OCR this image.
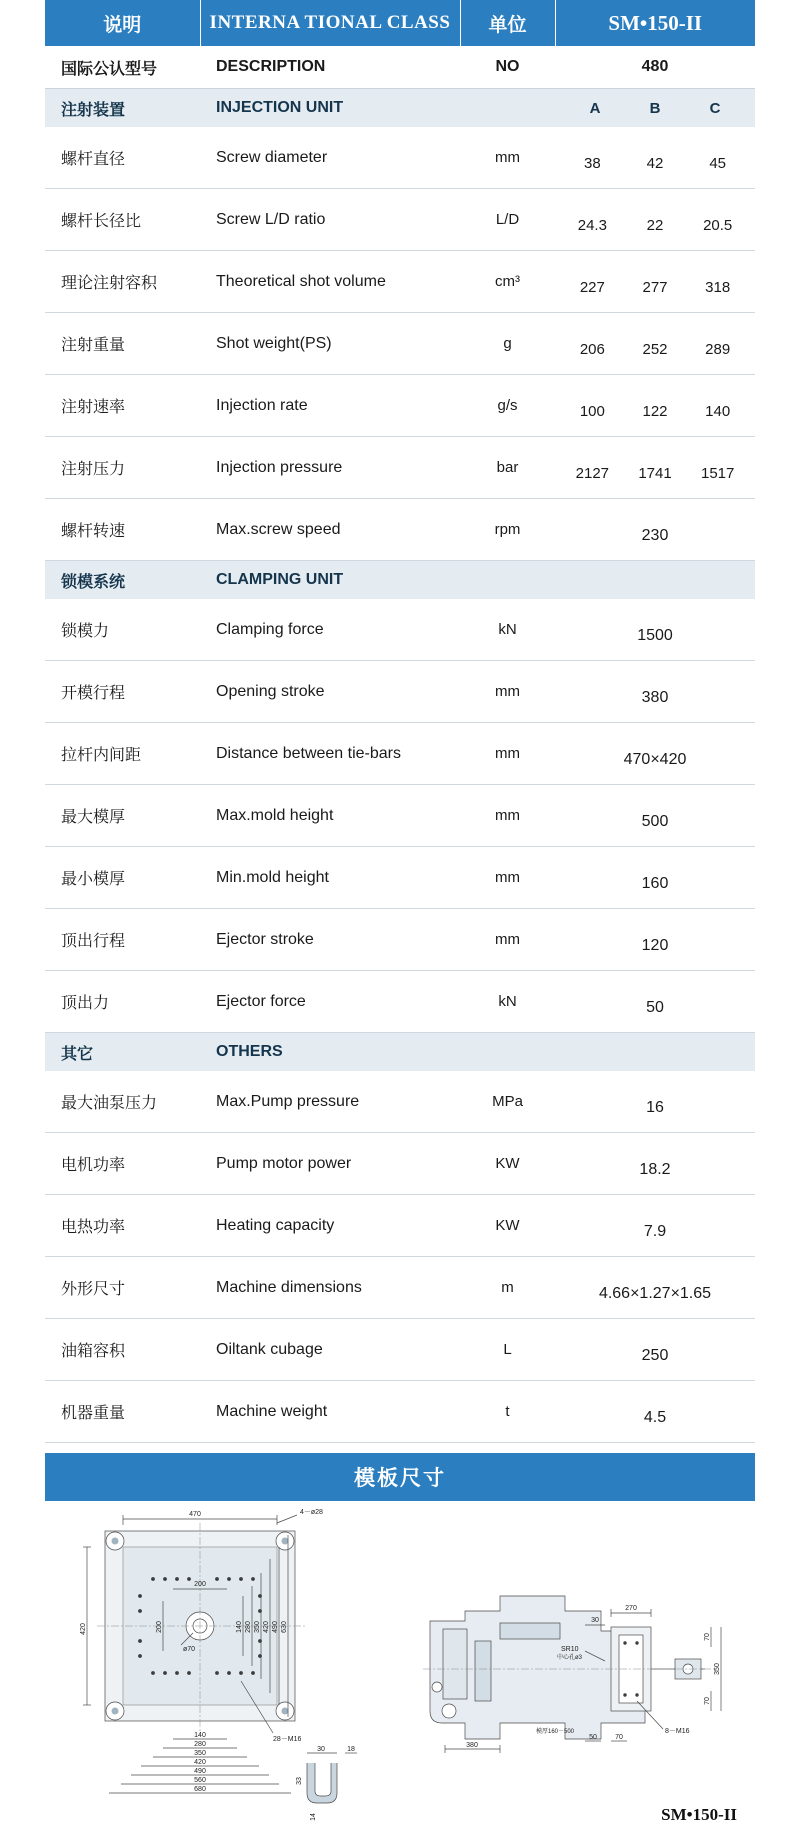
说明	INTERNA TIONAL CLASS	单位	SM•150-II
国际公认型号	DESCRIPTION	NO	480
注射装置	INJECTION UNIT		A B C

螺杆直径	Screw diameter	mm	38 42 45

螺杆长径比	Screw L/D ratio	L/D	24.3 22 20.5

理论注射容积	Theoretical shot volume	cm³	227 277 318

注射重量	Shot weight(PS)	g	206 252 289

注射速率	Injection rate	g/s	100 122 140

注射压力	Injection pressure	bar	2127 1741 1517

螺杆转速	Max.screw speed	rpm	230
锁模系统	CLAMPING UNIT		
锁模力	Clamping force	kN	1500
开模行程	Opening stroke	mm	380
拉杆内间距	Distance between tie-bars	mm	470×420
最大模厚	Max.mold height	mm	500
最小模厚	Min.mold height	mm	160
顶出行程	Ejector stroke	mm	120
顶出力	Ejector force	kN	50
其它	OTHERS		
最大油泵压力	Max.Pump pressure	MPa	16
电机功率	Pump motor power	KW	18.2
电热功率	Heating capacity	KW	7.9
外形尺寸	Machine dimensions	m	4.66×1.27×1.65
油箱容积	Oiltank cubage	L	250
机器重量	Machine weight	t	4.5
模板尺寸
470	4－ø28
420
200
200
ø70
140 280 350 420 490 630
140
280
350
420
490
560
680
28－M16
30	18
33
14
270
30
70
350
70
SR10
中心孔ø3
8－M16
380
50	70
模厚160－500
SM•150-II
